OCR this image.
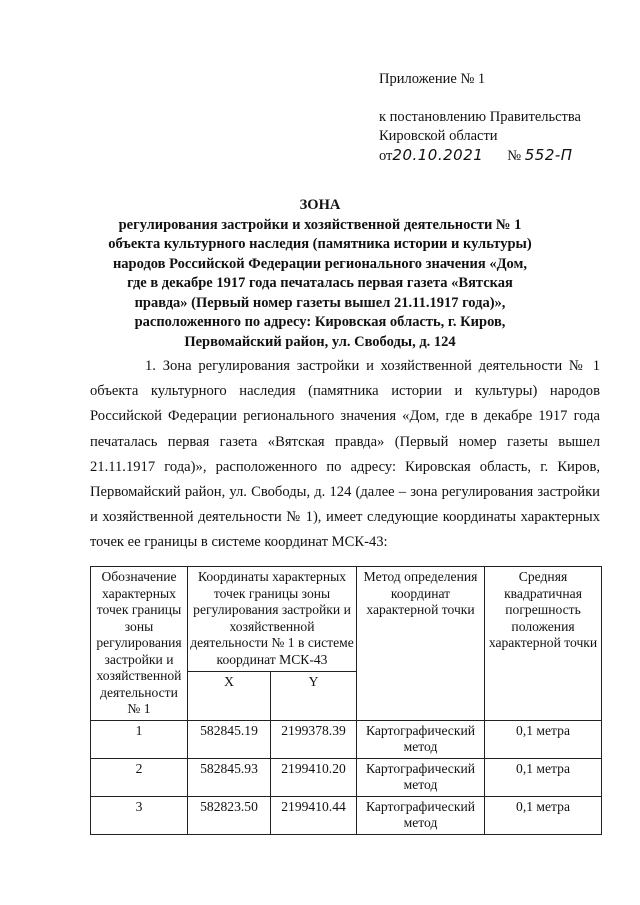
Приложение № 1
к постановлению Правительства
Кировской области
от20.10.2021 № 552-П
ЗОНА
регулирования застройки и хозяйственной деятельности № 1
объекта культурного наследия (памятника истории и культуры)
народов Российской Федерации регионального значения «Дом,
где в декабре 1917 года печаталась первая газета «Вятская
правда» (Первый номер газеты вышел 21.11.1917 года)»,
расположенного по адресу: Кировская область, г. Киров,
Первомайский район, ул. Свободы, д. 124
1. Зона регулирования застройки и хозяйственной деятельности № 1 объекта культурного наследия (памятника истории и культуры) народов Российской Федерации регионального значения «Дом, где в декабре 1917 года печаталась первая газета «Вятская правда» (Первый номер газеты вышел 21.11.1917 года)», расположенного по адресу: Кировская область, г. Киров, Первомайский район, ул. Свободы, д. 124 (далее – зона регулирования застройки и хозяйственной деятельности № 1), имеет следующие координаты характерных точек ее границы в системе координат МСК-43:
Обозначение характерных точек границы зоны регулирования застройки и хозяйственной деятельности № 1	Координаты характерных точек границы зоны регулирования застройки и хозяйственной деятельности № 1 в системе координат МСК-43		Метод определения координат характерной точки	Средняя квадратичная погрешность положения характерной точки
	X	Y		
1	582845.19	2199378.39	Картографический метод	0,1 метра
2	582845.93	2199410.20	Картографический метод	0,1 метра
3	582823.50	2199410.44	Картографический метод	0,1 метра
